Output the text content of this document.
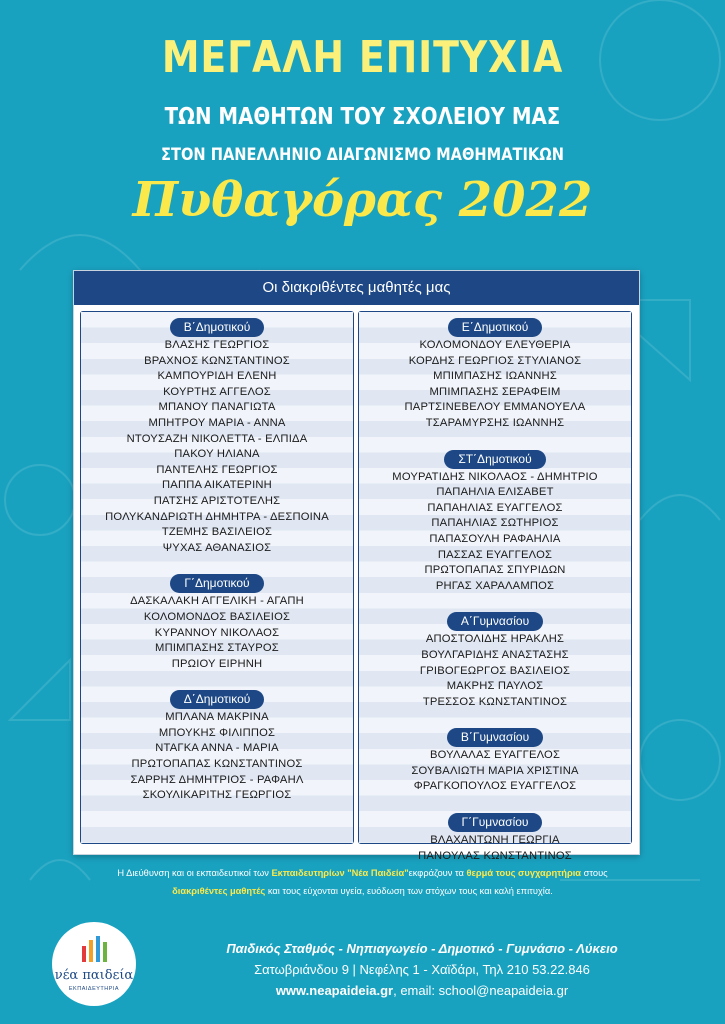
ΜΕΓΑΛΗ ΕΠΙΤΥΧΙΑ
ΤΩΝ ΜΑΘΗΤΩΝ ΤΟΥ ΣΧΟΛΕΙΟΥ ΜΑΣ
ΣΤΟΝ ΠΑΝΕΛΛΗΝΙΟ ΔΙΑΓΩΝΙΣΜΟ ΜΑΘΗΜΑΤΙΚΩΝ
Πυθαγόρας 2022
Οι διακριθέντες μαθητές μας
Β΄Δημοτικού
ΒΛΑΣΗΣ ΓΕΩΡΓΙΟΣ
ΒΡΑΧΝΟΣ ΚΩΝΣΤΑΝΤΙΝΟΣ
ΚΑΜΠΟΥΡΙΔΗ ΕΛΕΝΗ
ΚΟΥΡΤΗΣ ΑΓΓΕΛΟΣ
ΜΠΑΝΟΥ ΠΑΝΑΓΙΩΤΑ
ΜΠΗΤΡΟΥ ΜΑΡΙΑ - ΑΝΝΑ
ΝΤΟΥΣΑΖΗ ΝΙΚΟΛΕΤΤΑ - ΕΛΠΙΔΑ
ΠΑΚΟΥ ΗΛΙΑΝΑ
ΠΑΝΤΕΛΗΣ ΓΕΩΡΓΙΟΣ
ΠΑΠΠΑ ΑΙΚΑΤΕΡΙΝΗ
ΠΑΤΣΗΣ ΑΡΙΣΤΟΤΕΛΗΣ
ΠΟΛΥΚΑΝΔΡΙΩΤΗ ΔΗΜΗΤΡΑ - ΔΕΣΠΟΙΝΑ
ΤΖΕΜΗΣ ΒΑΣΙΛΕΙΟΣ
ΨΥΧΑΣ ΑΘΑΝΑΣΙΟΣ
Γ΄Δημοτικού
ΔΑΣΚΑΛΑΚΗ ΑΓΓΕΛΙΚΗ - ΑΓΑΠΗ
ΚΟΛΟΜΟΝΔΟΣ ΒΑΣΙΛΕΙΟΣ
ΚΥΡΑΝΝΟΥ ΝΙΚΟΛΑΟΣ
ΜΠΙΜΠΑΣΗΣ ΣΤΑΥΡΟΣ
ΠΡΩΙΟΥ ΕΙΡΗΝΗ
Δ΄Δημοτικού
ΜΠΛΑΝΑ ΜΑΚΡΙΝΑ
ΜΠΟΥΚΗΣ ΦΙΛΙΠΠΟΣ
ΝΤΑΓΚΑ ΑΝΝΑ - ΜΑΡΙΑ
ΠΡΩΤΟΠΑΠΑΣ ΚΩΝΣΤΑΝΤΙΝΟΣ
ΣΑΡΡΗΣ ΔΗΜΗΤΡΙΟΣ - ΡΑΦΑΗΛ
ΣΚΟΥΛΙΚΑΡΙΤΗΣ ΓΕΩΡΓΙΟΣ
Ε΄Δημοτικού
ΚΟΛΟΜΟΝΔΟΥ ΕΛΕΥΘΕΡΙΑ
ΚΟΡΔΗΣ ΓΕΩΡΓΙΟΣ ΣΤΥΛΙΑΝΟΣ
ΜΠΙΜΠΑΣΗΣ ΙΩΑΝΝΗΣ
ΜΠΙΜΠΑΣΗΣ ΣΕΡΑΦΕΙΜ
ΠΑΡΤΣΙΝΕΒΕΛΟΥ ΕΜΜΑΝΟΥΕΛΑ
ΤΣΑΡΑΜΥΡΣΗΣ ΙΩΑΝΝΗΣ
ΣΤ΄Δημοτικού
ΜΟΥΡΑΤΙΔΗΣ ΝΙΚΟΛΑΟΣ - ΔΗΜΗΤΡΙΟ
ΠΑΠΑΗΛΙΑ ΕΛΙΣΑΒΕΤ
ΠΑΠΑΗΛΙΑΣ ΕΥΑΓΓΕΛΟΣ
ΠΑΠΑΗΛΙΑΣ ΣΩΤΗΡΙΟΣ
ΠΑΠΑΣΟΥΛΗ ΡΑΦΑΗΛΙΑ
ΠΑΣΣΑΣ ΕΥΑΓΓΕΛΟΣ
ΠΡΩΤΟΠΑΠΑΣ ΣΠΥΡΙΔΩΝ
ΡΗΓΑΣ ΧΑΡΑΛΑΜΠΟΣ
Α΄Γυμνασίου
ΑΠΟΣΤΟΛΙΔΗΣ ΗΡΑΚΛΗΣ
ΒΟΥΛΓΑΡΙΔΗΣ ΑΝΑΣΤΑΣΗΣ
ΓΡΙΒΟΓΕΩΡΓΟΣ ΒΑΣΙΛΕΙΟΣ
ΜΑΚΡΗΣ ΠΑΥΛΟΣ
ΤΡΕΣΣΟΣ ΚΩΝΣΤΑΝΤΙΝΟΣ
Β΄Γυμνασίου
ΒΟΥΛΑΛΑΣ ΕΥΑΓΓΕΛΟΣ
ΣΟΥΒΑΛΙΩΤΗ ΜΑΡΙΑ ΧΡΙΣΤΙΝΑ
ΦΡΑΓΚΟΠΟΥΛΟΣ ΕΥΑΓΓΕΛΟΣ
Γ΄Γυμνασίου
ΒΛΑΧΑΝΤΩΝΗ ΓΕΩΡΓΙΑ
ΠΑΝΟΥΛΑΣ ΚΩΝΣΤΑΝΤΙΝΟΣ
Η Διεύθυνση και οι εκπαιδευτικοί των Εκπαιδευτηρίων "Νέα Παιδεία"εκφράζουν τα θερμά τους συγχαρητήρια στους
διακριθέντες μαθητές και τους εύχονται υγεία, ευόδωση των στόχων τους και καλή επιτυχία.
νέα παιδεία
ΕΚΠΑΙΔΕΥΤΗΡΙΑ
Παιδικός Σταθμός - Νηπιαγωγείο - Δημοτικό - Γυμνάσιο - Λύκειο
Σατωβριάνδου 9 | Νεφέλης 1 - Χαϊδάρι, Τηλ 210 53.22.846
www.neapaideia.gr, email: school@neapaideia.gr
